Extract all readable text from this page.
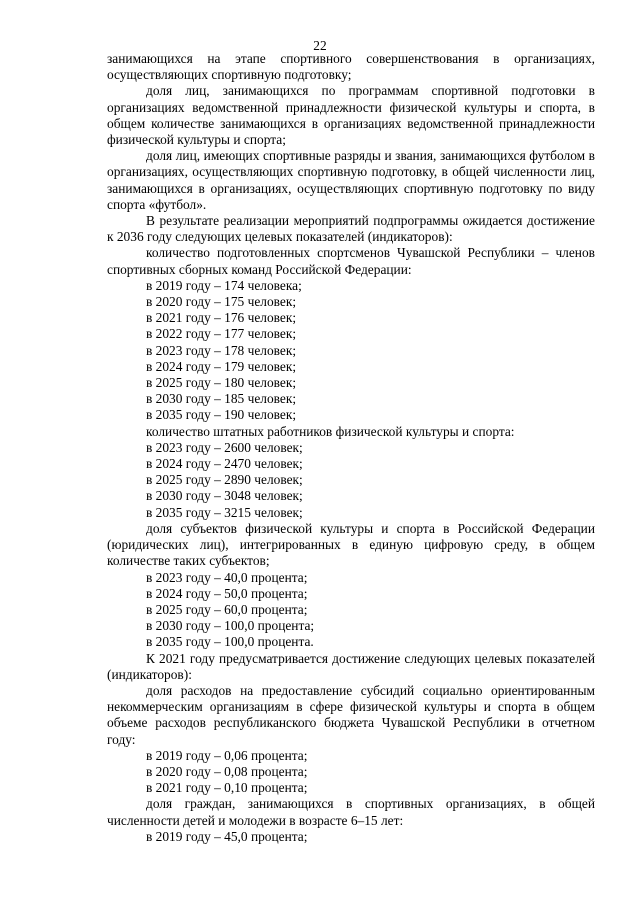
22

занимающихся на этапе спортивного совершенствования в организациях, осуществляющих спортивную подготовку;

доля лиц, занимающихся по программам спортивной подготовки в организациях ведомственной принадлежности физической культуры и спорта, в общем количестве занимающихся в организациях ведомственной принадлежности физической культуры и спорта;

доля лиц, имеющих спортивные разряды и звания, занимающихся футболом в организациях, осуществляющих спортивную подготовку, в общей численности лиц, занимающихся в организациях, осуществляющих спортивную подготовку по виду спорта «футбол».

В результате реализации мероприятий подпрограммы ожидается достижение к 2036 году следующих целевых показателей (индикаторов):

количество подготовленных спортсменов Чувашской Республики – членов спортивных сборных команд Российской Федерации:

в 2019 году – 174 человека;

в 2020 году – 175 человек;

в 2021 году – 176 человек;

в 2022 году – 177 человек;

в 2023 году – 178 человек;

в 2024 году – 179 человек;

в 2025 году – 180 человек;

в 2030 году – 185 человек;

в 2035 году – 190 человек;

количество штатных работников физической культуры и спорта:

в 2023 году – 2600 человек;

в 2024 году – 2470 человек;

в 2025 году – 2890 человек;

в 2030 году – 3048 человек;

в 2035 году – 3215 человек;

доля субъектов физической культуры и спорта в Российской Федерации (юридических лиц), интегрированных в единую цифровую среду, в общем количестве таких субъектов;

в 2023 году – 40,0 процента;

в 2024 году – 50,0 процента;

в 2025 году – 60,0 процента;

в 2030 году – 100,0 процента;

в 2035 году – 100,0 процента.

К 2021 году предусматривается достижение следующих целевых показателей (индикаторов):

доля расходов на предоставление субсидий социально ориентированным некоммерческим организациям в сфере физической культуры и спорта в общем объеме расходов республиканского бюджета Чувашской Республики в отчетном году:

в 2019 году – 0,06 процента;

в 2020 году – 0,08 процента;

в 2021 году – 0,10 процента;

доля граждан, занимающихся в спортивных организациях, в общей численности детей и молодежи в возрасте 6–15 лет:

в 2019 году – 45,0 процента;
